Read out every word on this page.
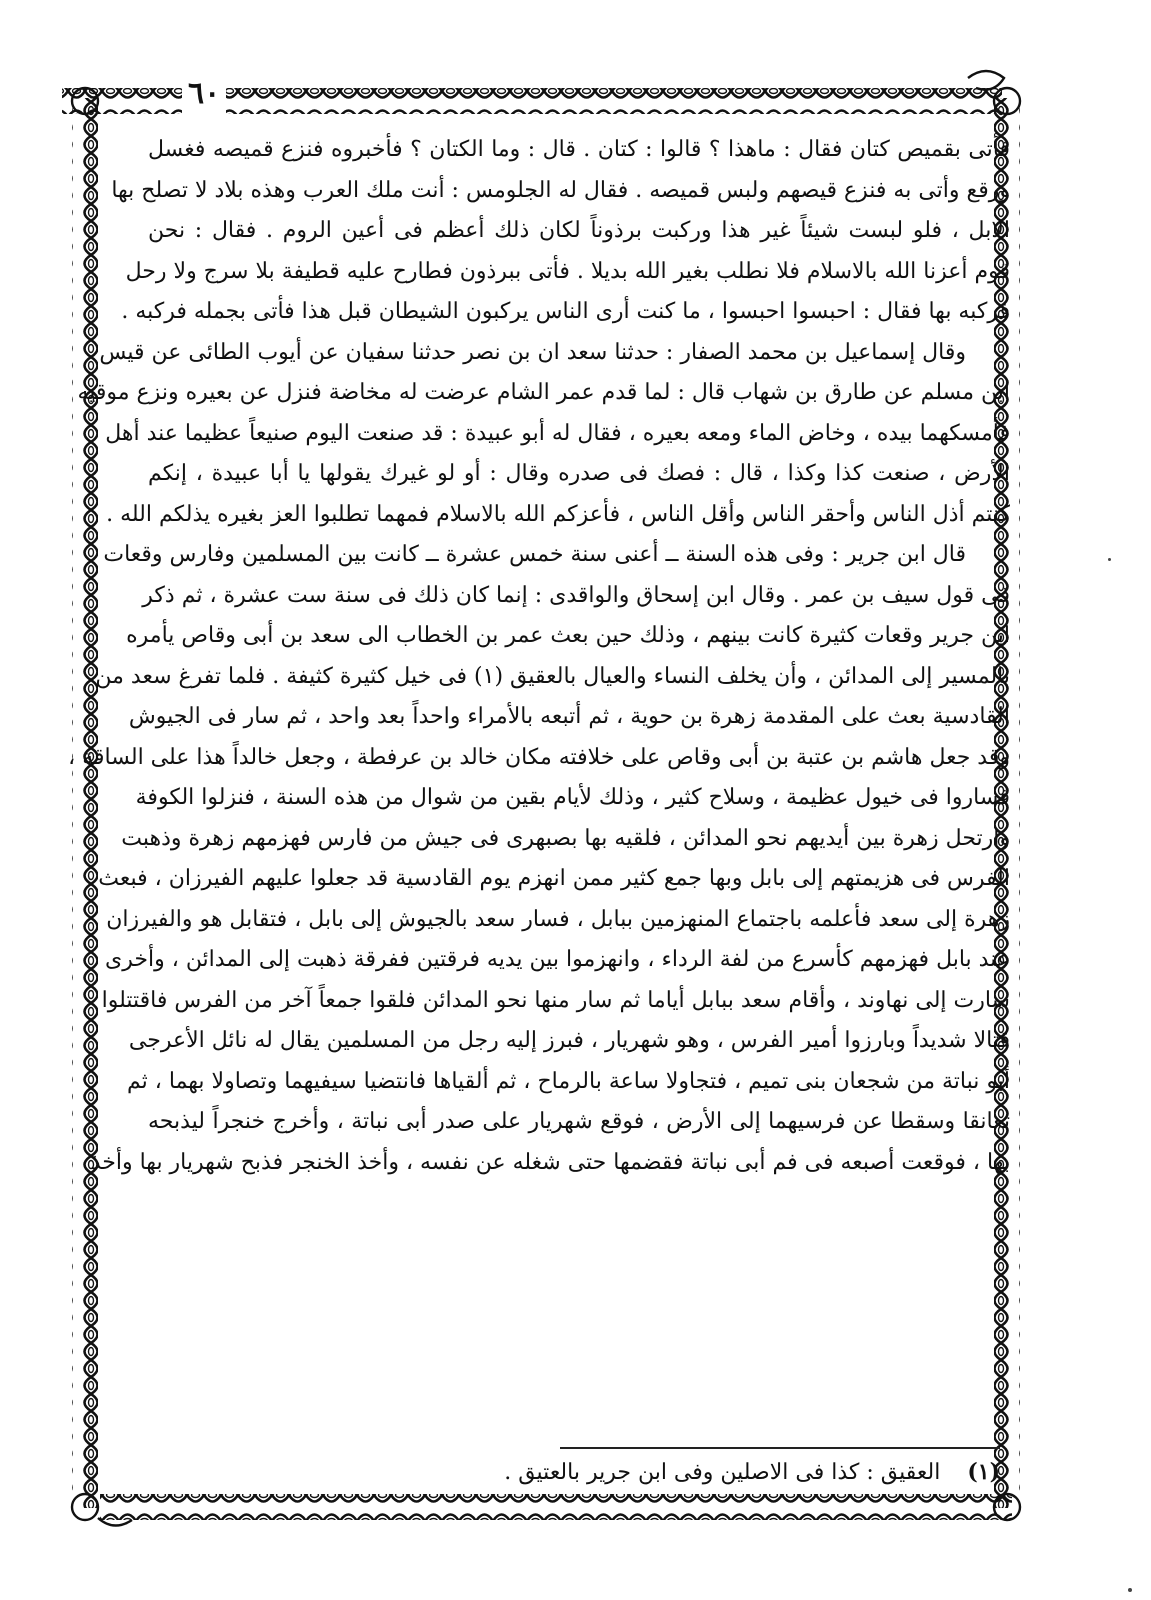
٦٠
فأتى بقميص كتان فقال : ماهذا ؟ قالوا : كتان . قال : وما الكتان ؟ فأخبروه فنزع قميصه فغسل
ورقع وأتى به فنزع قيصهم ولبس قميصه . فقال له الجلومس : أنت ملك العرب وهذه بلاد لا تصلح بها
الابل ، فلو لبست شيئاً غير هذا وركبت برذوناً لكان ذلك أعظم فى أعين الروم . فقال : نحن
قوم أعزنا الله بالاسلام فلا نطلب بغير الله بديلا . فأتى ببرذون فطارح عليه قطيفة بلا سرج ولا رحل
فركبه بها فقال : احبسوا احبسوا ، ما كنت أرى الناس يركبون الشيطان قبل هذا فأتى بجمله فركبه .
وقال إسماعيل بن محمد الصفار : حدثنا سعد ان بن نصر حدثنا سفيان عن أيوب الطائى عن قيس
ابن مسلم عن طارق بن شهاب قال : لما قدم عمر الشام عرضت له مخاضة فنزل عن بعيره ونزع موقيه
فأمسكهما بيده ، وخاض الماء ومعه بعيره ، فقال له أبو عبيدة : قد صنعت اليوم صنيعاً عظيما عند أهل
الأرض ، صنعت كذا وكذا ، قال : فصك فى صدره وقال : أو لو غيرك يقولها يا أبا عبيدة ، إنكم
كنتم أذل الناس وأحقر الناس وأقل الناس ، فأعزكم الله بالاسلام فمهما تطلبوا العز بغيره يذلكم الله .
قال ابن جرير : وفى هذه السنة ــ أعنى سنة خمس عشرة ــ كانت بين المسلمين وفارس وقعات
فى قول سيف بن عمر . وقال ابن إسحاق والواقدى : إنما كان ذلك فى سنة ست عشرة ، ثم ذكر
ابن جرير وقعات كثيرة كانت بينهم ، وذلك حين بعث عمر بن الخطاب الى سعد بن أبى وقاص يأمره
بالمسير إلى المدائن ، وأن يخلف النساء والعيال بالعقيق (١) فى خيل كثيرة كثيفة . فلما تفرغ سعد من
القادسية بعث على المقدمة زهرة بن حوية ، ثم أتبعه بالأمراء واحداً بعد واحد ، ثم سار فى الجيوش
وقد جعل هاشم بن عتبة بن أبى وقاص على خلافته مكان خالد بن عرفطة ، وجعل خالداً هذا على الساقة ،
فساروا فى خيول عظيمة ، وسلاح كثير ، وذلك لأيام بقين من شوال من هذه السنة ، فنزلوا الكوفة
وارتحل زهرة بين أيديهم نحو المدائن ، فلقيه بها بصبهرى فى جيش من فارس فهزمهم زهرة وذهبت
الفرس فى هزيمتهم إلى بابل وبها جمع كثير ممن انهزم يوم القادسية قد جعلوا عليهم الفيرزان ، فبعث
زهرة إلى سعد فأعلمه باجتماع المنهزمين ببابل ، فسار سعد بالجيوش إلى بابل ، فتقابل هو والفيرزان
عند بابل فهزمهم كأسرع من لفة الرداء ، وانهزموا بين يديه فرقتين ففرقة ذهبت إلى المدائن ، وأخرى
سارت إلى نهاوند ، وأقام سعد ببابل أياما ثم سار منها نحو المدائن فلقوا جمعاً آخر من الفرس فاقتتلوا
قتالا شديداً وبارزوا أمير الفرس ، وهو شهريار ، فبرز إليه رجل من المسلمين يقال له نائل الأعرجى
أبو نباتة من شجعان بنى تميم ، فتجاولا ساعة بالرماح ، ثم ألقياها فانتضيا سيفيهما وتصاولا بهما ، ثم
تعانقا وسقطا عن فرسيهما إلى الأرض ، فوقع شهريار على صدر أبى نباتة ، وأخرج خنجراً ليذبحه
بها ، فوقعت أصبعه فى فم أبى نباتة فقضمها حتى شغله عن نفسه ، وأخذ الخنجر فذبح شهريار بها وأخذ
(١) العقيق : كذا فى الاصلين وفى ابن جرير بالعتيق .
